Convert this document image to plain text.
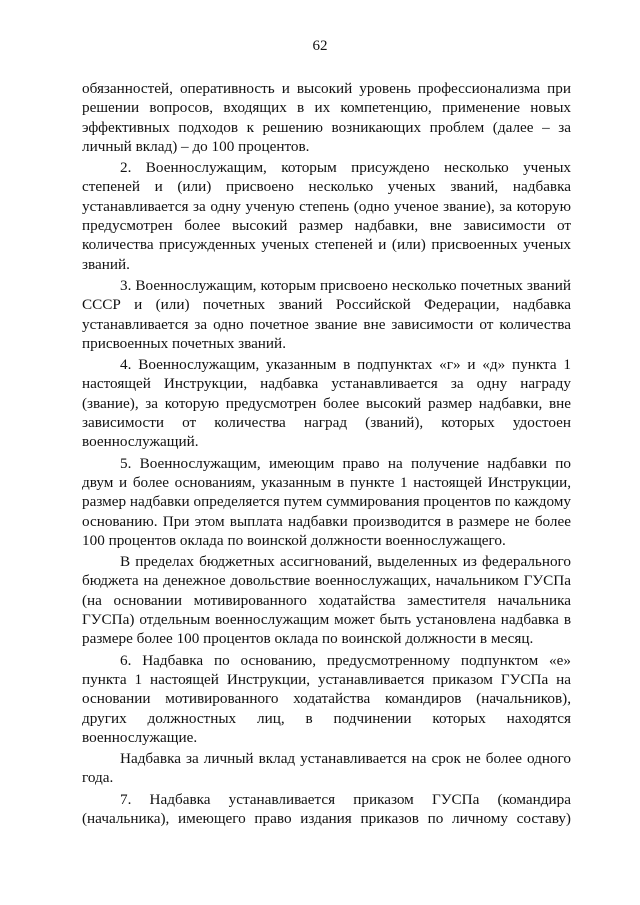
62

обязанностей, оперативность и высокий уровень профессионализма при решении вопросов, входящих в их компетенцию, применение новых эффективных подходов к решению возникающих проблем (далее – за личный вклад) – до 100 процентов.

2. Военнослужащим, которым присуждено несколько ученых степеней и (или) присвоено несколько ученых званий, надбавка устанавливается за одну ученую степень (одно ученое звание), за которую предусмотрен более высокий размер надбавки, вне зависимости от количества присужденных ученых степеней и (или) присвоенных ученых званий.

3. Военнослужащим, которым присвоено несколько почетных званий СССР и (или) почетных званий Российской Федерации, надбавка устанавливается за одно почетное звание вне зависимости от количества присвоенных почетных званий.

4. Военнослужащим, указанным в подпунктах «г» и «д» пункта 1 настоящей Инструкции, надбавка устанавливается за одну награду (звание), за которую предусмотрен более высокий размер надбавки, вне зависимости от количества наград (званий), которых удостоен военнослужащий.

5. Военнослужащим, имеющим право на получение надбавки по двум и более основаниям, указанным в пункте 1 настоящей Инструкции, размер надбавки определяется путем суммирования процентов по каждому основанию. При этом выплата надбавки производится в размере не более 100 процентов оклада по воинской должности военнослужащего.

В пределах бюджетных ассигнований, выделенных из федерального бюджета на денежное довольствие военнослужащих, начальником ГУСПа (на основании мотивированного ходатайства заместителя начальника ГУСПа) отдельным военнослужащим может быть установлена надбавка в размере более 100 процентов оклада по воинской должности в месяц.

6. Надбавка по основанию, предусмотренному подпунктом «е» пункта 1 настоящей Инструкции, устанавливается приказом ГУСПа на основании мотивированного ходатайства командиров (начальников), других должностных лиц, в подчинении которых находятся военнослужащие.

Надбавка за личный вклад устанавливается на срок не более одного года.

7. Надбавка устанавливается приказом ГУСПа (командира (начальника), имеющего право издания приказов по личному составу)
